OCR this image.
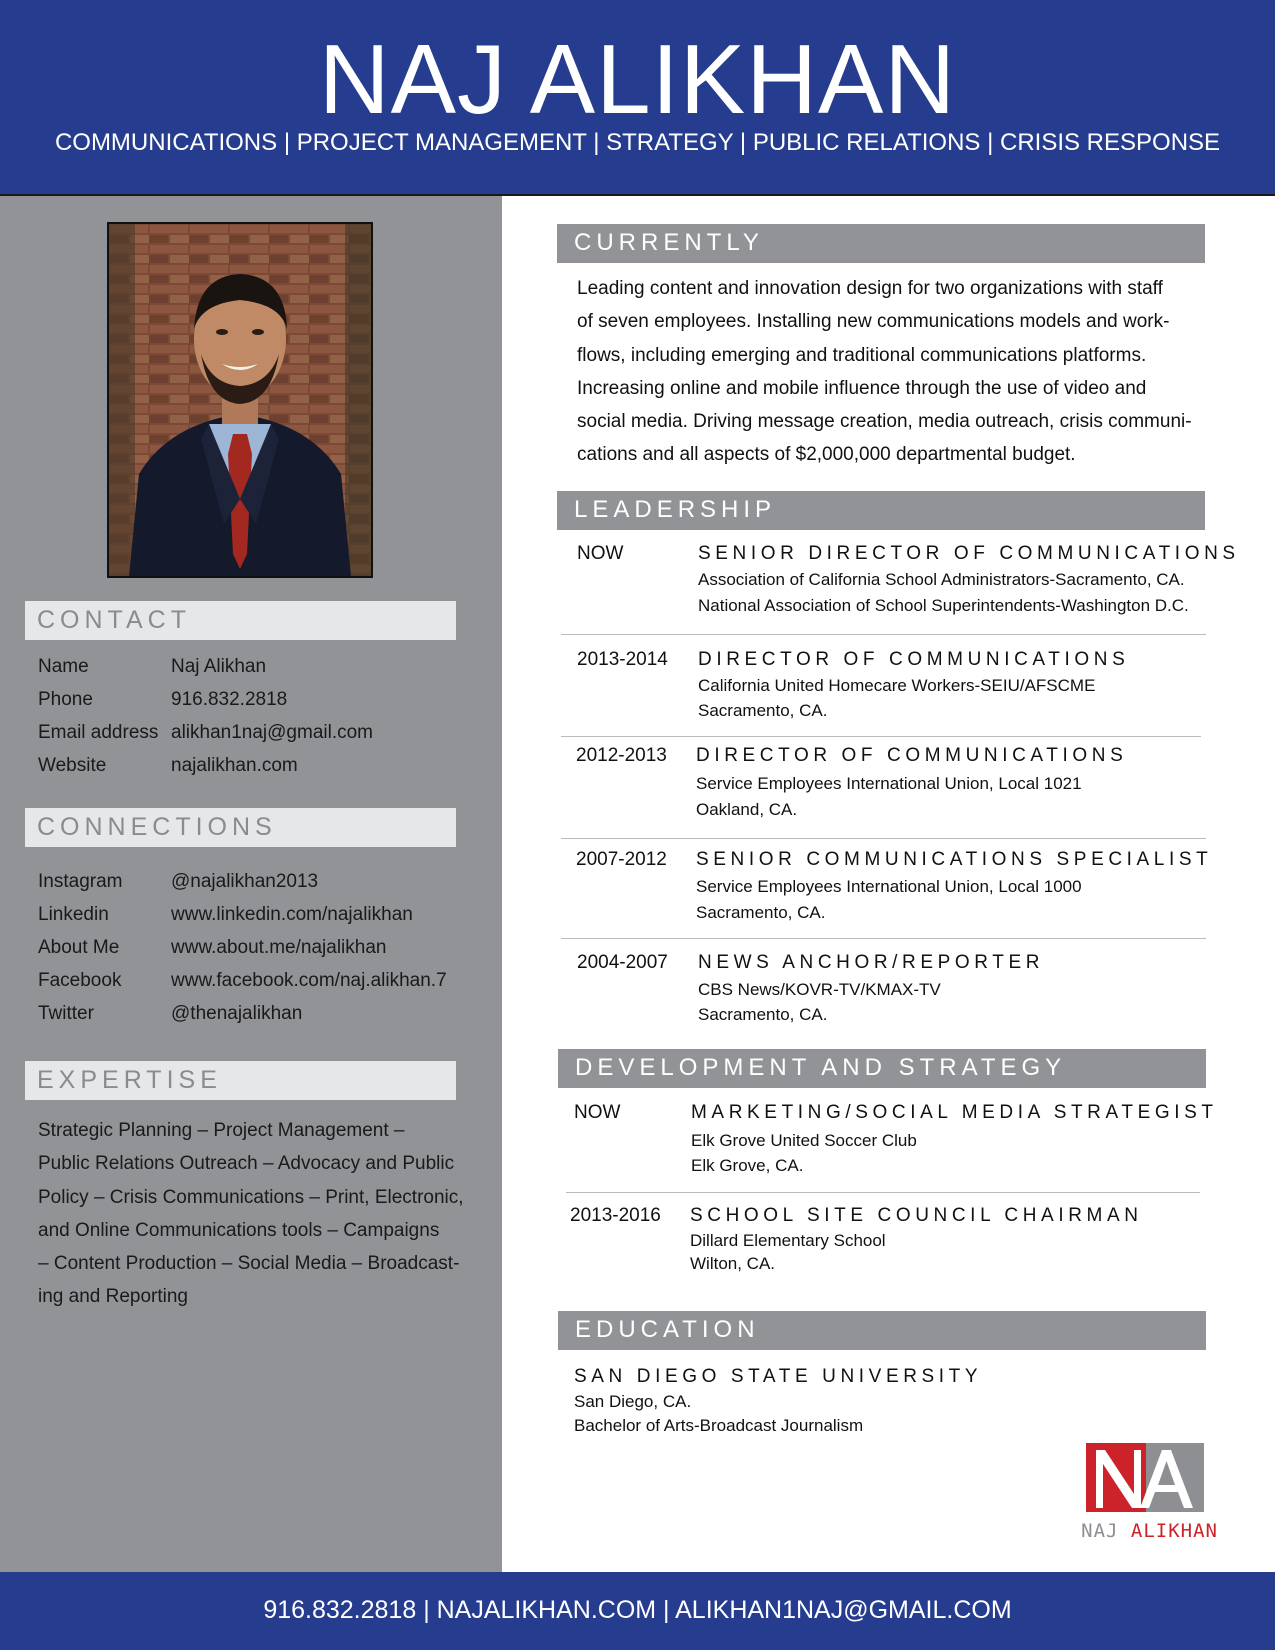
NAJ ALIKHAN
COMMUNICATIONS | PROJECT MANAGEMENT | STRATEGY | PUBLIC RELATIONS | CRISIS RESPONSE
CONTACT
Name	Naj Alikhan
Phone	916.832.2818
Email address alikhan1naj@gmail.com
Website	najalikhan.com
CONNECTIONS
Instagram	@najalikhan2013
Linkedin	www.linkedin.com/najalikhan
About Me	www.about.me/najalikhan
Facebook	www.facebook.com/naj.alikhan.7
Twitter	@thenajalikhan
EXPERTISE
Strategic Planning – Project Management –
Public Relations Outreach – Advocacy and Public
Policy – Crisis Communications – Print, Electronic,
and Online Communications tools – Campaigns
– Content Production – Social Media – Broadcast-
ing and Reporting
CURRENTLY
Leading content and innovation design for two organizations with staff
of seven employees. Installing new communications models and work-
flows, including emerging and traditional communications platforms.
Increasing online and mobile influence through the use of video and
social media. Driving message creation, media outreach, crisis communi-
cations and all aspects of $2,000,000 departmental budget.
LEADERSHIP
NOW	SENIOR DIRECTOR OF COMMUNICATIONS
Association of California School Administrators-Sacramento, CA.
National Association of School Superintendents-Washington D.C.
2013-2014 DIRECTOR OF COMMUNICATIONS
California United Homecare Workers-SEIU/AFSCME
Sacramento, CA.
2012-2013 DIRECTOR OF COMMUNICATIONS
Service Employees International Union, Local 1021
Oakland, CA.
2007-2012 SENIOR COMMUNICATIONS SPECIALIST
Service Employees International Union, Local 1000
Sacramento, CA.
2004-2007 NEWS ANCHOR/REPORTER
CBS News/KOVR-TV/KMAX-TV
Sacramento, CA.
DEVELOPMENT AND STRATEGY
NOW	MARKETING/SOCIAL MEDIA STRATEGIST
Elk Grove United Soccer Club
Elk Grove, CA.
2013-2016 SCHOOL SITE COUNCIL CHAIRMAN
Dillard Elementary School
Wilton, CA.
EDUCATION
SAN DIEGO STATE UNIVERSITY
San Diego, CA.
Bachelor of Arts-Broadcast Journalism
NAJ ALIKHAN
916.832.2818 | NAJALIKHAN.COM | ALIKHAN1NAJ@GMAIL.COM
